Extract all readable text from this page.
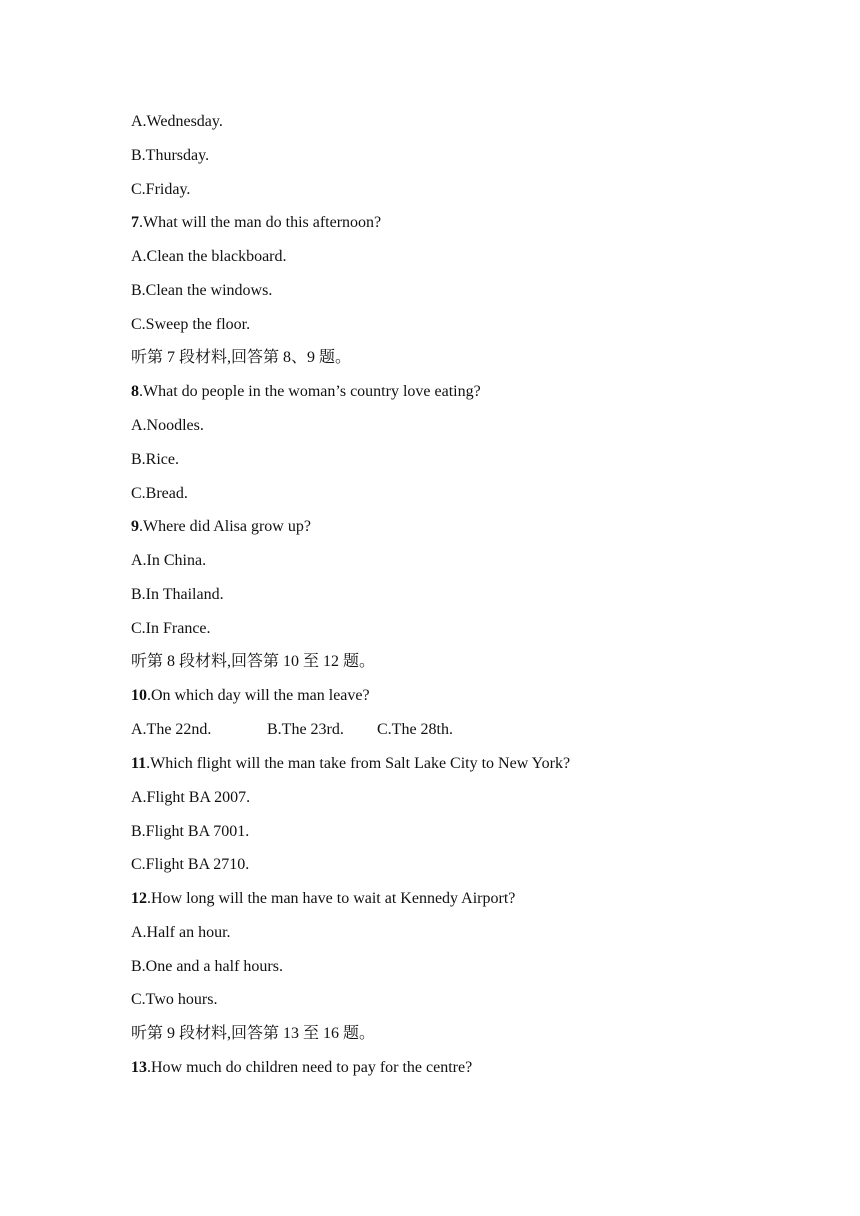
A.Wednesday.
B.Thursday.
C.Friday.
7.What will the man do this afternoon?
A.Clean the blackboard.
B.Clean the windows.
C.Sweep the floor.
听第 7 段材料,回答第 8、9 题。
8.What do people in the woman’s country love eating?
A.Noodles.
B.Rice.
C.Bread.
9.Where did Alisa grow up?
A.In China.
B.In Thailand.
C.In France.
听第 8 段材料,回答第 10 至 12 题。
10.On which day will the man leave?
A.The 22nd.	B.The 23rd. C.The 28th.
11.Which flight will the man take from Salt Lake City to New York?
A.Flight BA 2007.
B.Flight BA 7001.
C.Flight BA 2710.
12.How long will the man have to wait at Kennedy Airport?
A.Half an hour.
B.One and a half hours.
C.Two hours.
听第 9 段材料,回答第 13 至 16 题。
13.How much do children need to pay for the centre?
